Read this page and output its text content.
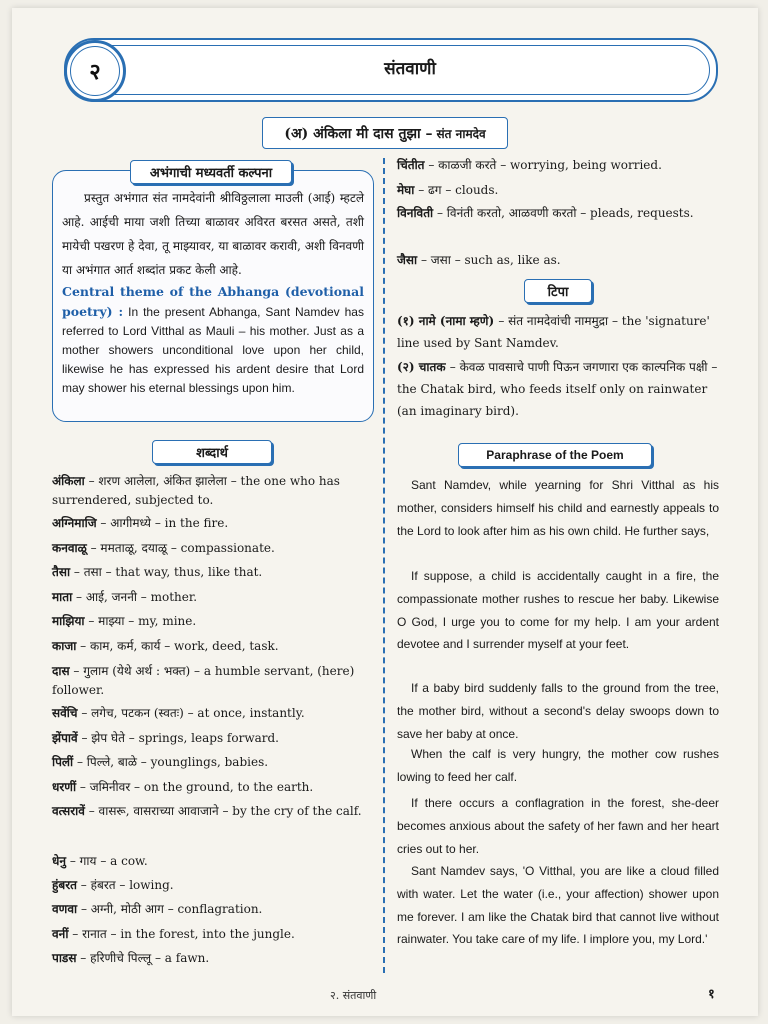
२	संतवाणी
(अ) अंकिला मी दास तुझा – संत नामदेव
अभंगाची मध्यवर्ती कल्पना
प्रस्तुत अभंगात संत नामदेवांनी श्रीविठ्ठलाला माउली (आई) म्हटले आहे. आईची माया जशी तिच्या बाळावर अविरत बरसत असते, तशी मायेची पखरण हे देवा, तू माझ्यावर, या बाळावर करावी, अशी विनवणी या अभंगात आर्त शब्दांत प्रकट केली आहे.
Central theme of the Abhanga (devotional poetry) : In the present Abhanga, Sant Namdev has referred to Lord Vitthal as Mauli – his mother. Just as a mother showers unconditional love upon her child, likewise he has expressed his ardent desire that Lord may shower his eternal blessings upon him.
शब्दार्थ
अंकिला – शरण आलेला, अंकित झालेला – the one who has surrendered, subjected to.
अग्निमाजि – आगीमध्ये – in the fire.
कनवाळू – ममताळू, दयाळू – compassionate.
तैसा – तसा – that way, thus, like that.
माता – आई, जननी – mother.
माझिया – माझ्या – my, mine.
काजा – काम, कर्म, कार्य – work, deed, task.
दास – गुलाम (येथे अर्थ : भक्त) – a humble servant, (here) follower.
सवेंचि – लगेच, पटकन (स्वतः) – at once, instantly.
झेंपावें – झेप घेते – springs, leaps forward.
पिलीं – पिल्ले, बाळे – younglings, babies.
धरणीं – जमिनीवर – on the ground, to the earth.
वत्सरावें – वासरू, वासराच्या आवाजाने – by the cry of the calf.
धेनु – गाय – a cow.
हुंबरत – हंबरत – lowing.
वणवा – अग्नी, मोठी आग – conflagration.
वनीं – रानात – in the forest, into the jungle.
पाडस – हरिणीचे पिल्लू – a fawn.
चिंतीत – काळजी करते – worrying, being worried.
मेघा – ढग – clouds.
विनविती – विनंती करतो, आळवणी करतो – pleads, requests.
जैसा – जसा – such as, like as.
टिपा
(१) नामे (नामा म्हणे) – संत नामदेवांची नाममुद्रा – the 'signature' line used by Sant Namdev.
(२) चातक – केवळ पावसाचे पाणी पिऊन जगणारा एक काल्पनिक पक्षी – the Chatak bird, who feeds itself only on rainwater (an imaginary bird).
Paraphrase of the Poem
Sant Namdev, while yearning for Shri Vitthal as his mother, considers himself his child and earnestly appeals to the Lord to look after him as his own child. He further says,
If suppose, a child is accidentally caught in a fire, the compassionate mother rushes to rescue her baby. Likewise O God, I urge you to come for my help. I am your ardent devotee and I surrender myself at your feet.
If a baby bird suddenly falls to the ground from the tree, the mother bird, without a second's delay swoops down to save her baby at once.
When the calf is very hungry, the mother cow rushes lowing to feed her calf.
If there occurs a conflagration in the forest, she-deer becomes anxious about the safety of her fawn and her heart cries out to her.
Sant Namdev says, 'O Vitthal, you are like a cloud filled with water. Let the water (i.e., your affection) shower upon me forever. I am like the Chatak bird that cannot live without rainwater. You take care of my life. I implore you, my Lord.'
२. संतवाणी	१
